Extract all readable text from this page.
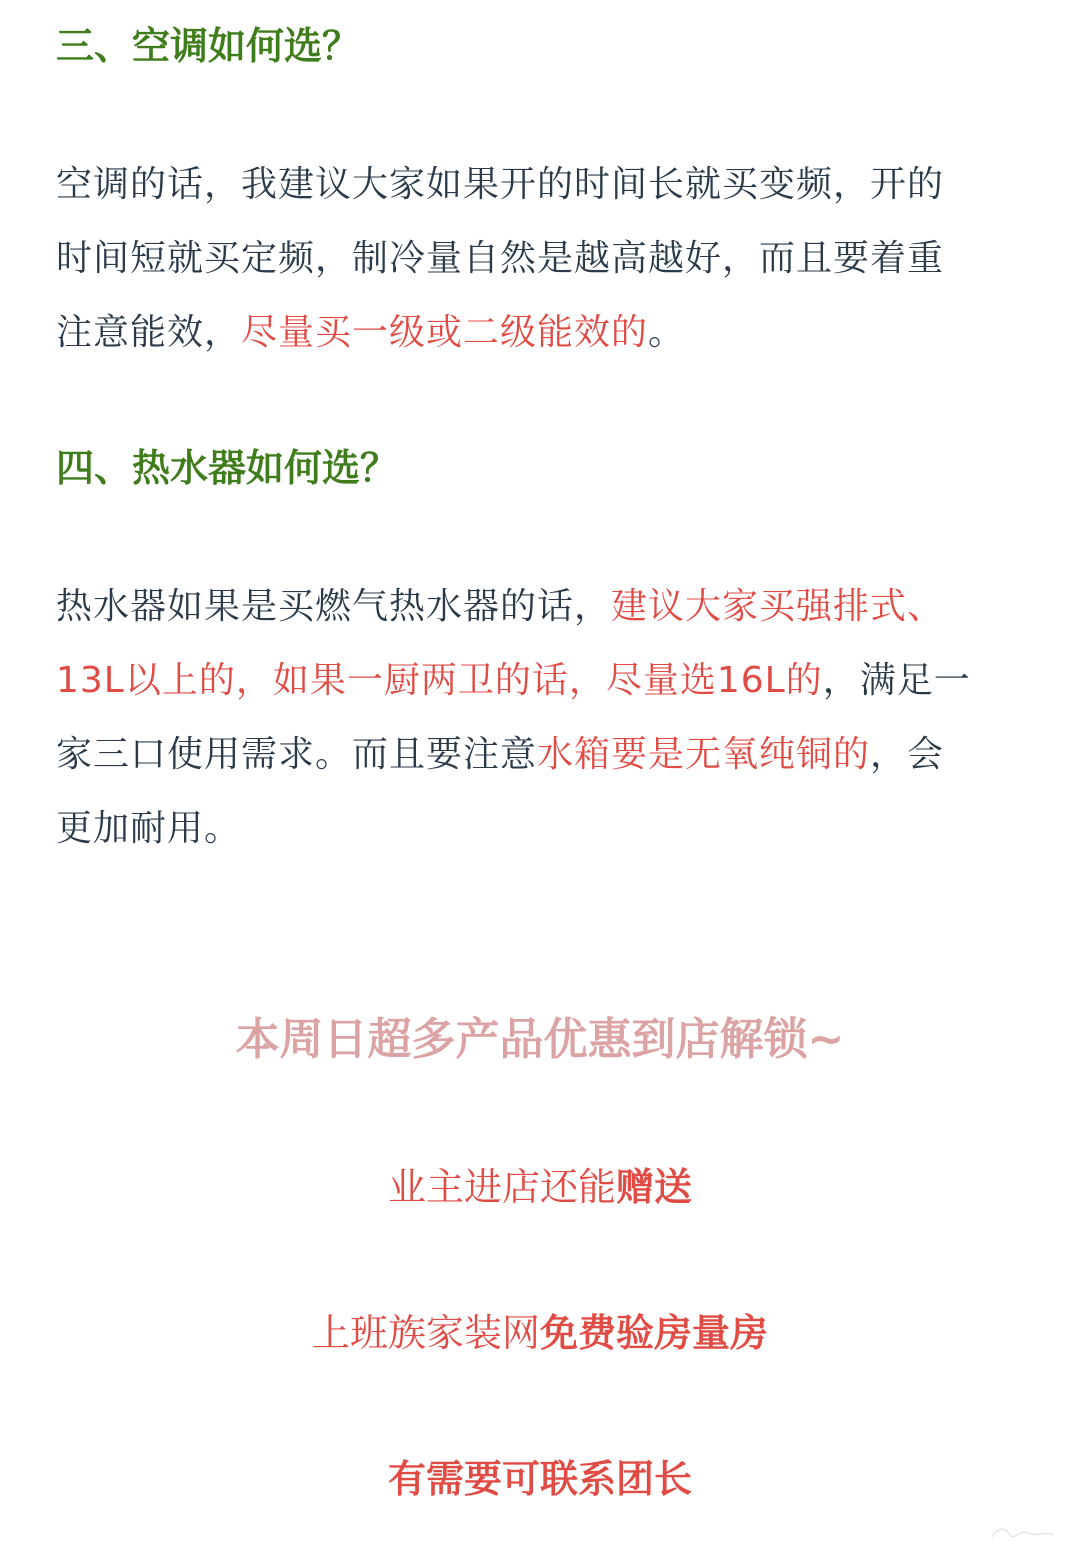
三、空调如何选？
空调的话，我建议大家如果开的时间长就买变频，开的
时间短就买定频，制冷量自然是越高越好，而且要着重
注意能效，尽量买一级或二级能效的。
四、热水器如何选？
热水器如果是买燃气热水器的话，建议大家买强排式、
13L以上的，如果一厨两卫的话，尽量选16L的，满足一
家三口使用需求。而且要注意水箱要是无氧纯铜的，会
更加耐用。
本周日超多产品优惠到店解锁~
业主进店还能赠送
上班族家装网免费验房量房
有需要可联系团长
